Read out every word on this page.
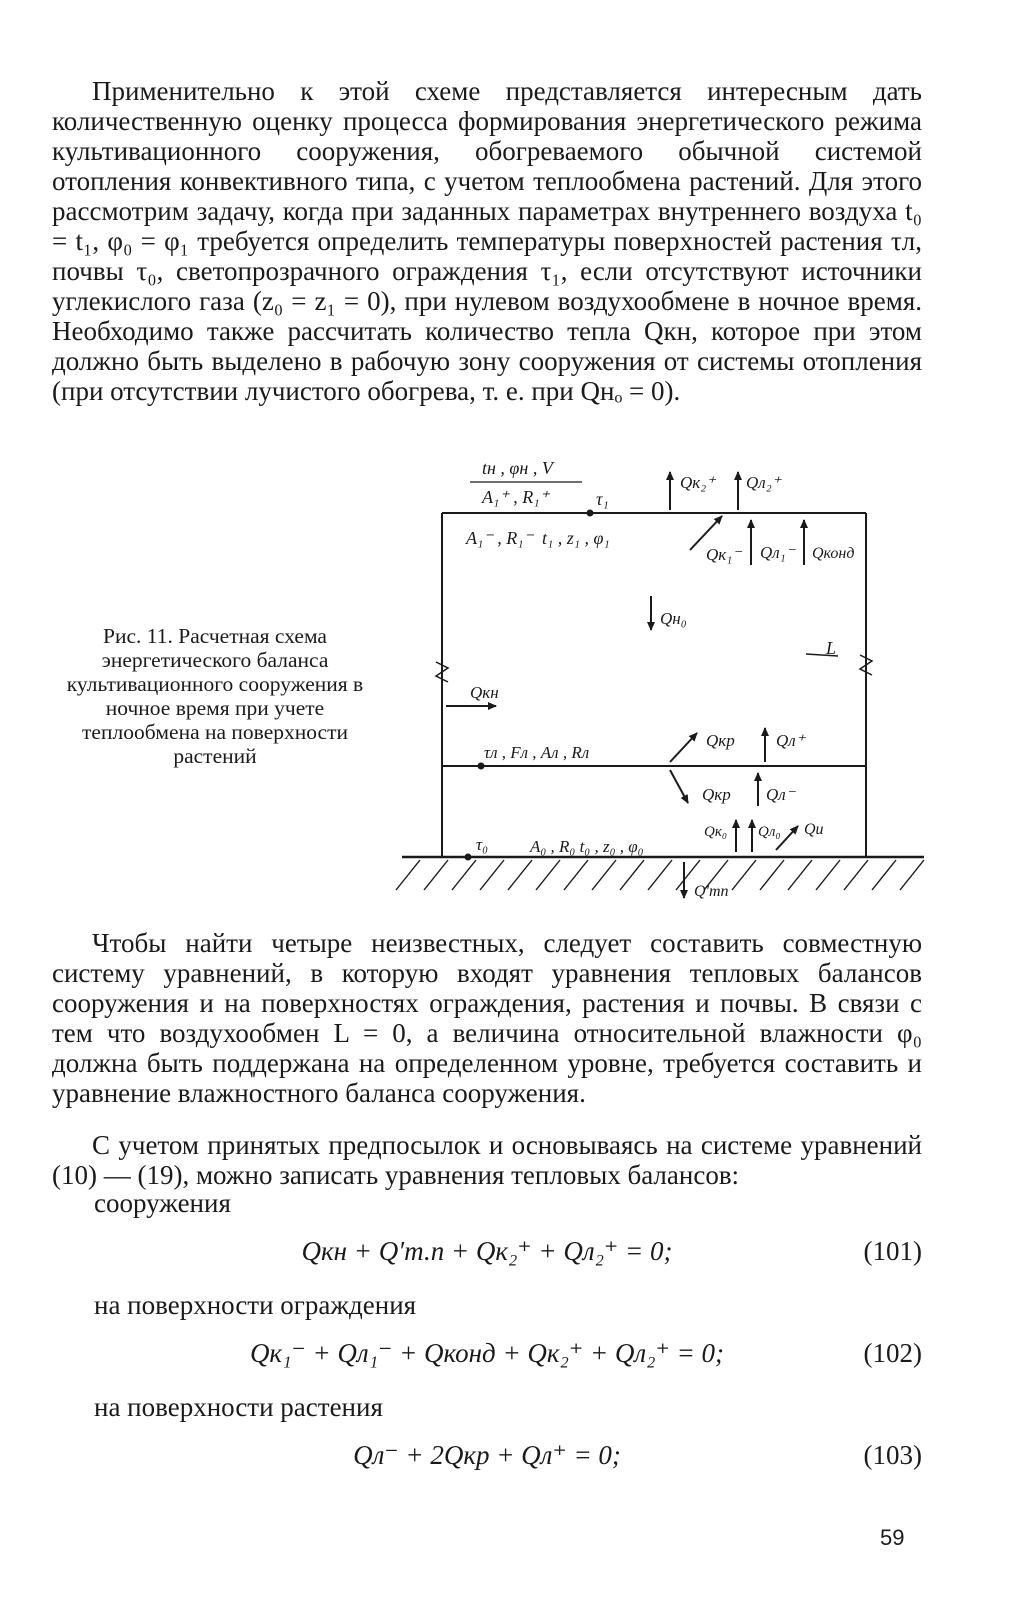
Применительно к этой схеме представляется интересным дать количественную оценку процесса формирования энергетического режима культивационного сооружения, обогреваемого обычной системой отопления конвективного типа, с учетом теплообмена растений. Для этого рассмотрим задачу, когда при заданных параметрах внутреннего воздуха t₀ = t₁, φ₀ = φ₁ требуется определить температуры поверхностей растения τл, почвы τ₀, светопрозрачного ограждения τ₁, если отсутствуют источники углекислого газа (z₀ = z₁ = 0), при нулевом воздухообмене в ночное время. Необходимо также рассчитать количество тепла Qкн, которое при этом должно быть выделено в рабочую зону сооружения от системы отопления (при отсутствии лучистого обогрева, т. е. при Qнₒ = 0).

tн , φн , V
A₁⁺ , R₁⁺	τ₁
A₁⁻ , R₁⁻ t₁ , z₁ , φ₁
Qк₂⁺ Qл₂⁺
Qк₁⁻ Qл₁⁻ Qконд
Qн₀
L
Qкн
τл , Fл , Aл , Rл
Qкр Qл⁺
Qкр Qл⁻
τ₀ A₀ , R₀ t₀ , z₀ , φ₀
Qк₀ Qл₀ Qu
Q'тп

Рис. 11. Расчетная схема энергетического баланса культивационного сооружения в ночное время при учете теплообмена на поверхности растений

Чтобы найти четыре неизвестных, следует составить совместную систему уравнений, в которую входят уравнения тепловых балансов сооружения и на поверхностях ограждения, растения и почвы. В связи с тем что воздухообмен L = 0, а величина относительной влажности φ₀ должна быть поддержана на определенном уровне, требуется составить и уравнение влажностного баланса сооружения.

С учетом принятых предпосылок и основываясь на системе уравнений (10) — (19), можно записать уравнения тепловых балансов:

сооружения
Qкн + Q′т.п + Qк₂⁺ + Qл₂⁺ = 0;	(101)
на поверхности ограждения
Qк₁⁻ + Qл₁⁻ + Qконд + Qк₂⁺ + Qл₂⁺ = 0;	(102)
на поверхности растения
Qл⁻ + 2Qкр + Qл⁺ = 0;	(103)
59
